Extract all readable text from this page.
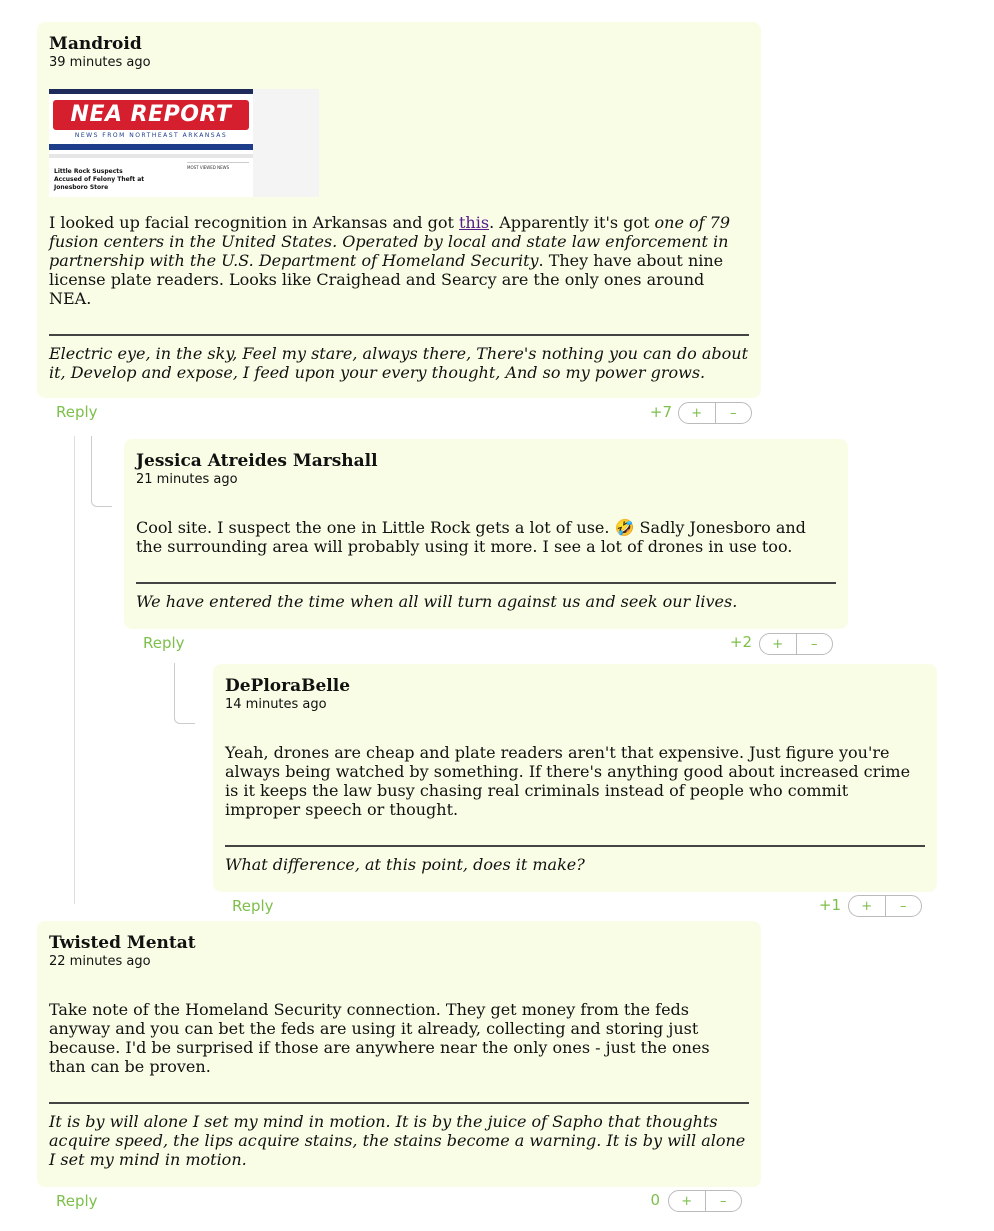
Mandroid
39 minutes ago
NEA REPORT
NEWS FROM NORTHEAST ARKANSAS
Little Rock Suspects Accused of Felony Theft at Jonesboro Store
MOST VIEWED NEWS
I looked up facial recognition in Arkansas and got this. Apparently it's got one of 79 fusion centers in the United States. Operated by local and state law enforcement in partnership with the U.S. Department of Homeland Security. They have about nine license plate readers. Looks like Craighead and Searcy are the only ones around NEA.
Electric eye, in the sky, Feel my stare, always there, There's nothing you can do about it, Develop and expose, I feed upon your every thought, And so my power grows.
Reply	+7	+	–
Jessica Atreides Marshall
21 minutes ago
Cool site. I suspect the one in Little Rock gets a lot of use. 🤣 Sadly Jonesboro and the surrounding area will probably using it more. I see a lot of drones in use too.
We have entered the time when all will turn against us and seek our lives.
Reply	+2	+	–
DePloraBelle
14 minutes ago
Yeah, drones are cheap and plate readers aren't that expensive. Just figure you're always being watched by something. If there's anything good about increased crime is it keeps the law busy chasing real criminals instead of people who commit improper speech or thought.
What difference, at this point, does it make?
Reply	+1	+	–
Twisted Mentat
22 minutes ago
Take note of the Homeland Security connection. They get money from the feds anyway and you can bet the feds are using it already, collecting and storing just because. I'd be surprised if those are anywhere near the only ones - just the ones than can be proven.
It is by will alone I set my mind in motion. It is by the juice of Sapho that thoughts acquire speed, the lips acquire stains, the stains become a warning. It is by will alone I set my mind in motion.
Reply	0	+	–
